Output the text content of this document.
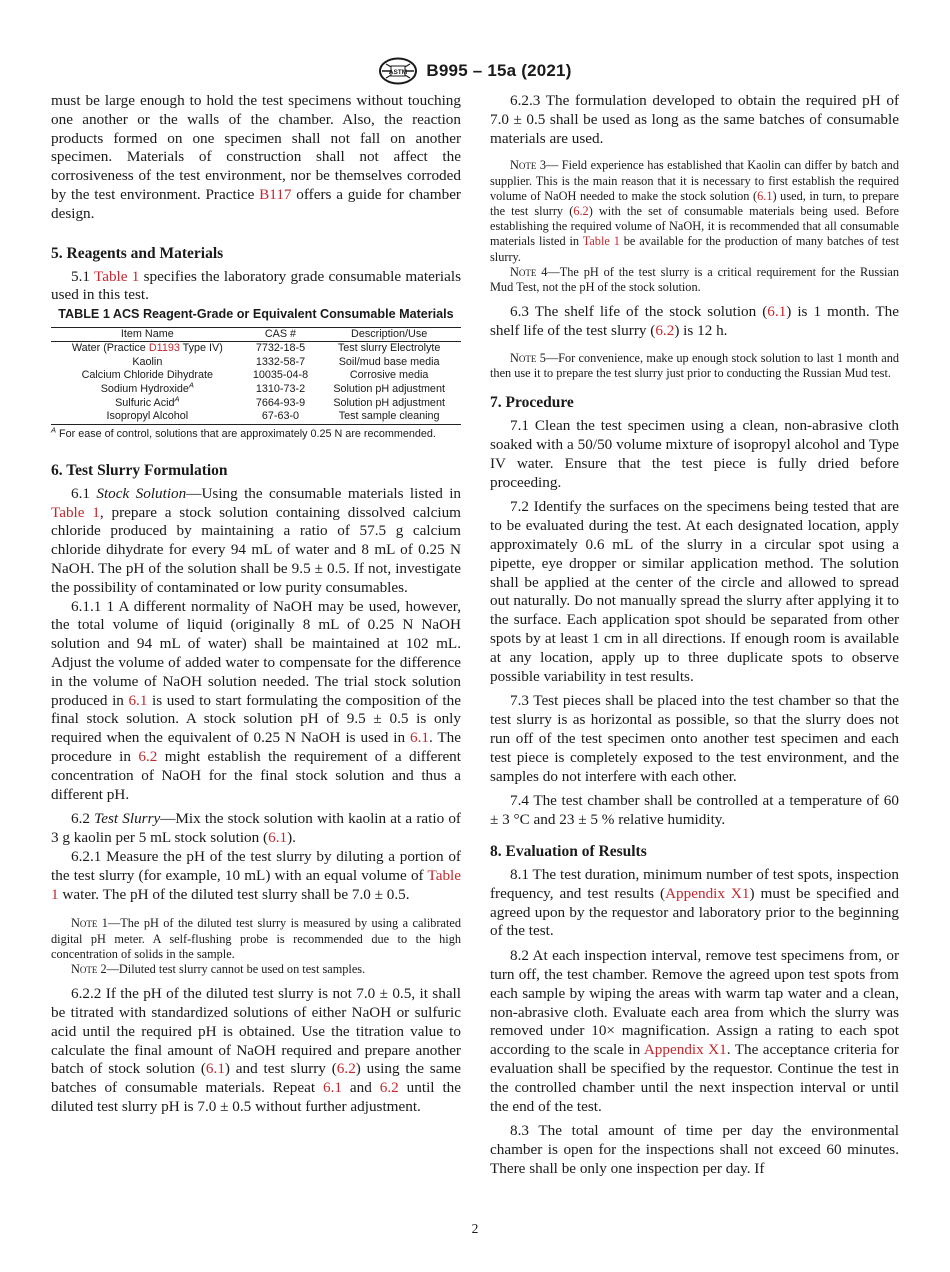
ASTM B995 – 15a (2021)

must be large enough to hold the test specimens without touching one another or the walls of the chamber. Also, the reaction products formed on one specimen shall not fall on another specimen. Materials of construction shall not affect the corrosiveness of the test environment, nor be themselves corroded by the test environment. Practice B117 offers a guide for chamber design.

5. Reagents and Materials

5.1 Table 1 specifies the laboratory grade consumable materials used in this test.

TABLE 1 ACS Reagent-Grade or Equivalent Consumable Materials
Item Name	CAS #	Description/Use
Water (Practice D1193 Type IV)	7732-18-5	Test slurry Electrolyte
Kaolin	1332-58-7	Soil/mud base media
Calcium Chloride Dihydrate	10035-04-8	Corrosive media
Sodium Hydroxide$^A$	1310-73-2	Solution pH adjustment
Sulfuric Acid$^A$	7664-93-9	Solution pH adjustment
Isopropyl Alcohol	67-63-0	Test sample cleaning
$^A$ For ease of control, solutions that are approximately 0.25 N are recommended.
6. Test Slurry Formulation

6.1 Stock Solution—Using the consumable materials listed in Table 1, prepare a stock solution containing dissolved calcium chloride produced by maintaining a ratio of 57.5 g calcium chloride dihydrate for every 94 mL of water and 8 mL of 0.25 N NaOH. The pH of the solution shall be 9.5 ± 0.5. If not, investigate the possibility of contaminated or low purity consumables.

6.1.1 1 A different normality of NaOH may be used, however, the total volume of liquid (originally 8 mL of 0.25 N NaOH solution and 94 mL of water) shall be maintained at 102 mL. Adjust the volume of added water to compensate for the difference in the volume of NaOH solution needed. The trial stock solution produced in 6.1 is used to start formulating the composition of the final stock solution. A stock solution pH of 9.5 ± 0.5 is only required when the equivalent of 0.25 N NaOH is used in 6.1. The procedure in 6.2 might establish the requirement of a different concentration of NaOH for the final stock solution and thus a different pH.

6.2 Test Slurry—Mix the stock solution with kaolin at a ratio of 3 g kaolin per 5 mL stock solution (6.1).

6.2.1 Measure the pH of the test slurry by diluting a portion of the test slurry (for example, 10 mL) with an equal volume of Table 1 water. The pH of the diluted test slurry shall be 7.0 ± 0.5.

Note 1—The pH of the diluted test slurry is measured by using a calibrated digital pH meter. A self-flushing probe is recommended due to the high concentration of solids in the sample.
Note 2—Diluted test slurry cannot be used on test samples.

6.2.2 If the pH of the diluted test slurry is not 7.0 ± 0.5, it shall be titrated with standardized solutions of either NaOH or sulfuric acid until the required pH is obtained. Use the titration value to calculate the final amount of NaOH required and prepare another batch of stock solution (6.1) and test slurry (6.2) using the same batches of consumable materials. Repeat 6.1 and 6.2 until the diluted test slurry pH is 7.0 ± 0.5 without further adjustment.

6.2.3 The formulation developed to obtain the required pH of 7.0 ± 0.5 shall be used as long as the same batches of consumable materials are used.

Note 3— Field experience has established that Kaolin can differ by batch and supplier. This is the main reason that it is necessary to first establish the required volume of NaOH needed to make the stock solution (6.1) used, in turn, to prepare the test slurry (6.2) with the set of consumable materials being used. Before establishing the required volume of NaOH, it is recommended that all consumable materials listed in Table 1 be available for the production of many batches of test slurry.
Note 4—The pH of the test slurry is a critical requirement for the Russian Mud Test, not the pH of the stock solution.

6.3 The shelf life of the stock solution (6.1) is 1 month. The shelf life of the test slurry (6.2) is 12 h.

Note 5—For convenience, make up enough stock solution to last 1 month and then use it to prepare the test slurry just prior to conducting the Russian Mud test.
7. Procedure

7.1 Clean the test specimen using a clean, non-abrasive cloth soaked with a 50/50 volume mixture of isopropyl alcohol and Type IV water. Ensure that the test piece is fully dried before proceeding.

7.2 Identify the surfaces on the specimens being tested that are to be evaluated during the test. At each designated location, apply approximately 0.6 mL of the slurry in a circular spot using a pipette, eye dropper or similar application method. The solution shall be applied at the center of the circle and allowed to spread out naturally. Do not manually spread the slurry after applying it to the surface. Each application spot should be separated from other spots by at least 1 cm in all directions. If enough room is available at any location, apply up to three duplicate spots to observe possible variability in test results.

7.3 Test pieces shall be placed into the test chamber so that the test slurry is as horizontal as possible, so that the slurry does not run off of the test specimen onto another test specimen and each test piece is completely exposed to the test environment, and the samples do not interfere with each other.

7.4 The test chamber shall be controlled at a temperature of 60 ± 3 °C and 23 ± 5 % relative humidity.

8. Evaluation of Results

8.1 The test duration, minimum number of test spots, inspection frequency, and test results (Appendix X1) must be specified and agreed upon by the requestor and laboratory prior to the beginning of the test.

8.2 At each inspection interval, remove test specimens from, or turn off, the test chamber. Remove the agreed upon test spots from each sample by wiping the areas with warm tap water and a clean, non-abrasive cloth. Evaluate each area from which the slurry was removed under 10× magnification. Assign a rating to each spot according to the scale in Appendix X1. The acceptance criteria for evaluation shall be specified by the requestor. Continue the test in the controlled chamber until the next inspection interval or until the end of the test.

8.3 The total amount of time per day the environmental chamber is open for the inspections shall not exceed 60 minutes. There shall be only one inspection per day. If

2
